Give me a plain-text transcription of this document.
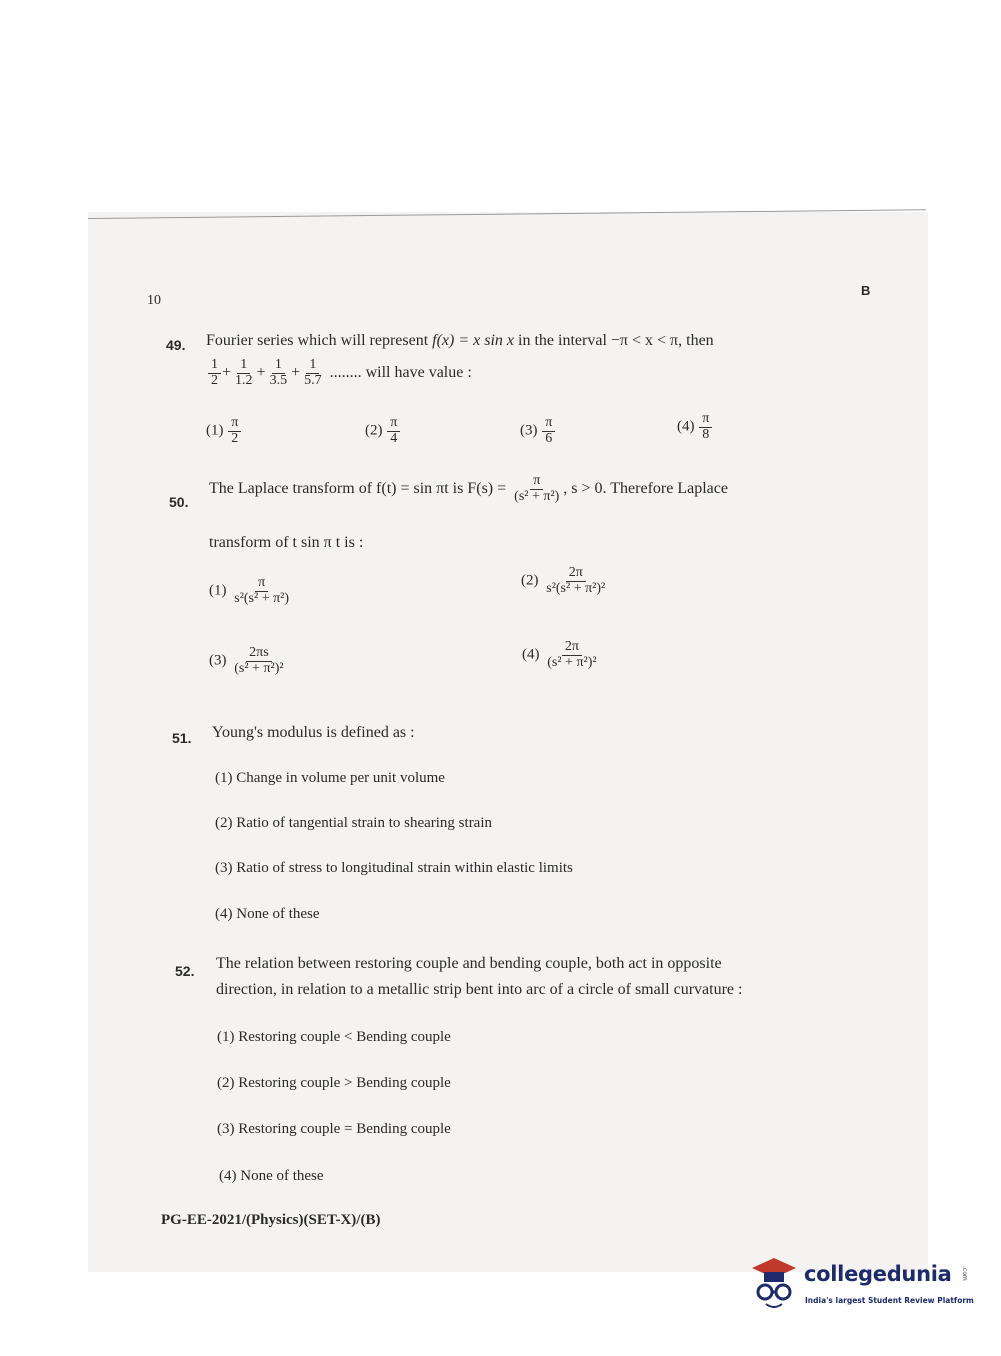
10
B
49. Fourier series which will represent f(x) = x sin x in the interval −π < x < π, then
$\frac{1}{2} + \frac{1}{1.2} + \frac{1}{3.5} + \frac{1}{5.7}$ ........ will have value :
$(1) \frac{\pi}{2}$	$(2) \frac{\pi}{4}$	$(3) \frac{\pi}{6}$	$(4) \frac{\pi}{8}$
50.
The Laplace transform of f(t) = sin πt is $F(s) = \frac{\pi}{\text{(s² + π²)}}$ , s > 0. Therefore Laplace
transform of t sin π t is :
$(1) \frac{\pi}{\text{s²(s² + π²)}}$	$(2) \frac{2\pi}{\text{s²(s² + π²)²}}$
$(3) \frac{2\pi s}{\text{(s² + π²)²}}$	$(4) \frac{2\pi}{\text{(s² + π²)²}}$
51. Young's modulus is defined as :
(1) Change in volume per unit volume
(2) Ratio of tangential strain to shearing strain
(3) Ratio of stress to longitudinal strain within elastic limits
(4) None of these
52. The relation between restoring couple and bending couple, both act in opposite
direction, in relation to a metallic strip bent into arc of a circle of small curvature :
(1) Restoring couple < Bending couple
(2) Restoring couple > Bending couple
(3) Restoring couple = Bending couple
(4) None of these
PG-EE-2021/(Physics)(SET-X)/(B)
collegedunia .com
India's largest Student Review Platform
